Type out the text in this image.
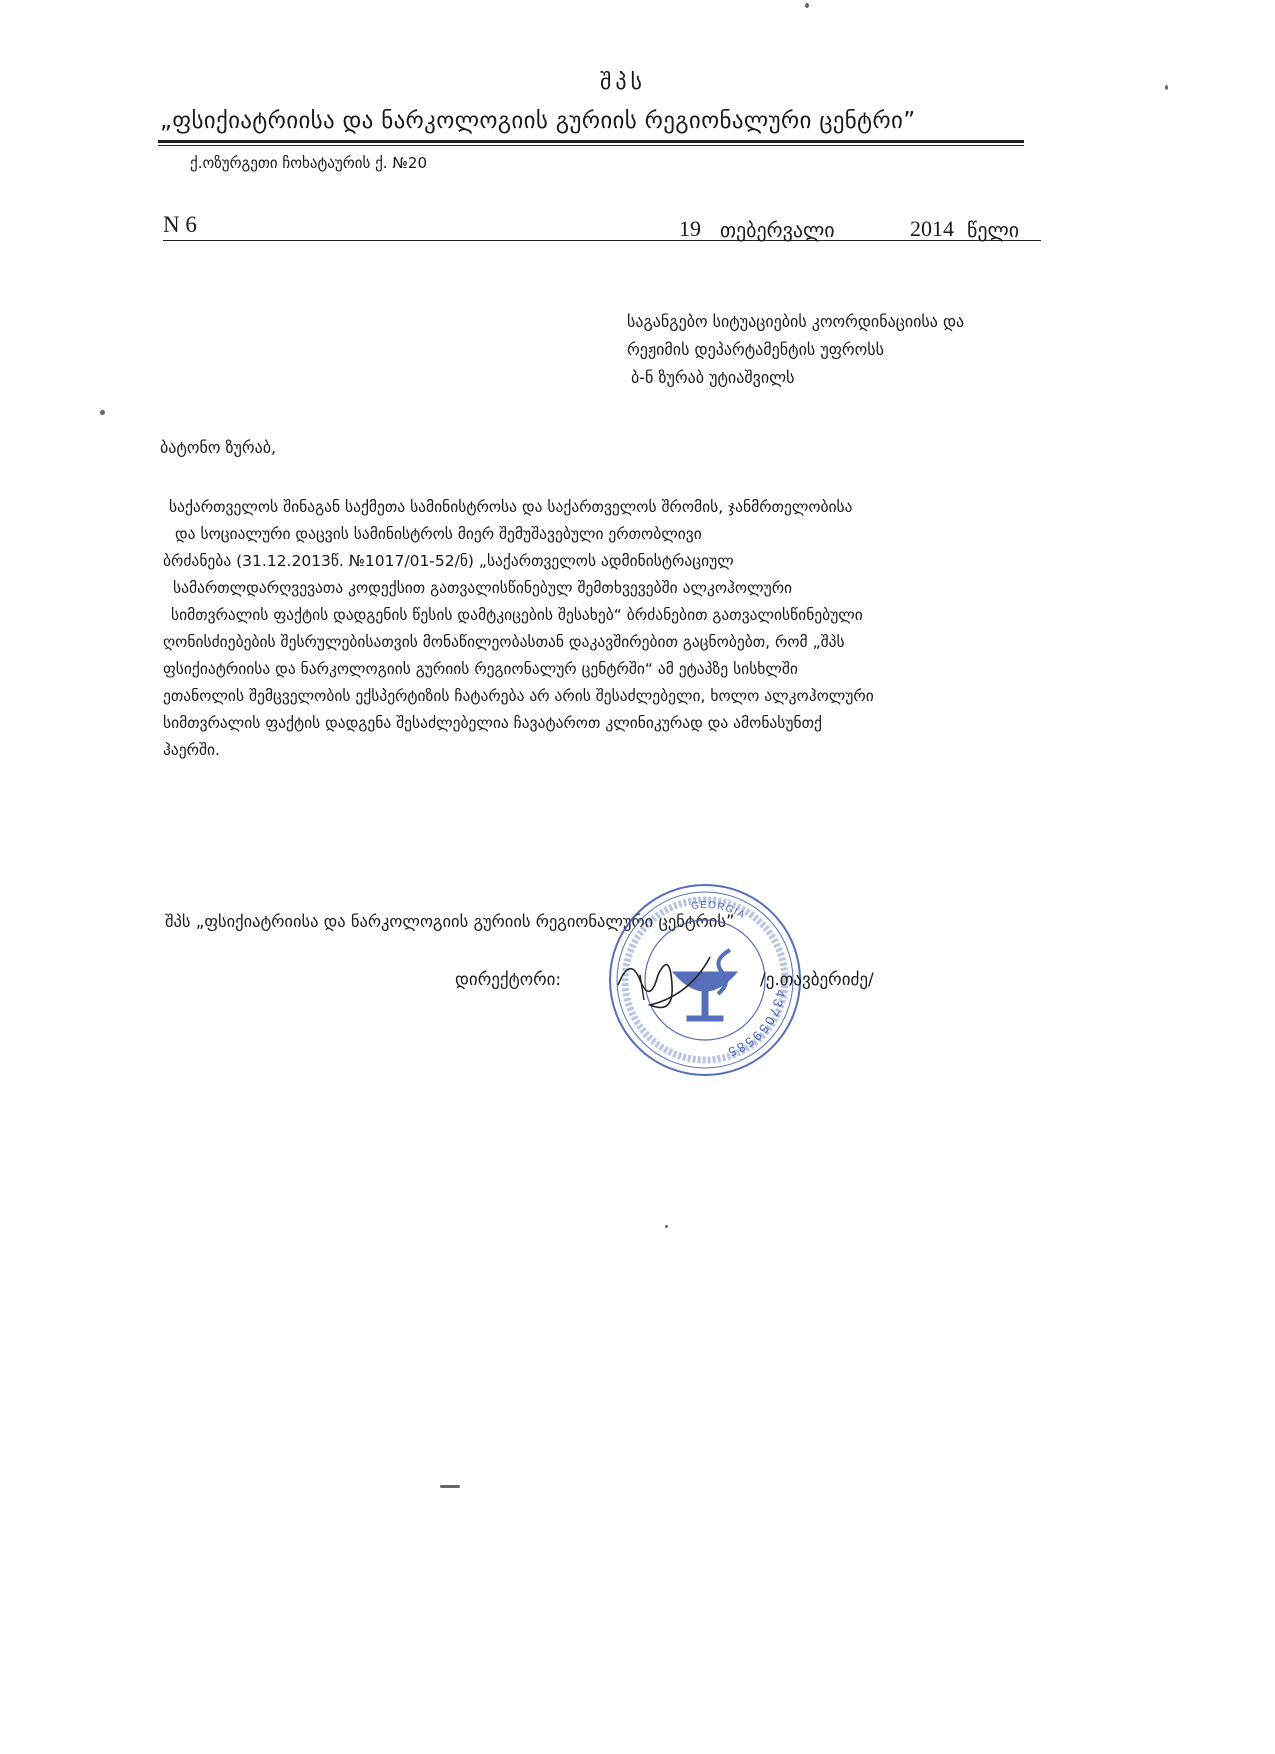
შპს
„ფსიქიატრიისა და ნარკოლოგიის გურიის რეგიონალური ცენტრი”
ქ.ოზურგეთი ჩოხატაურის ქ. №20
N 6	19 თებერვალი	2014 წელი
საგანგებო სიტუაციების კოორდინაციისა და
რეჟიმის დეპარტამენტის უფროსს
ბ-ნ ზურაბ უტიაშვილს
ბატონო ზურაბ,
საქართველოს შინაგან საქმეთა სამინისტროსა და საქართველოს შრომის, ჯანმრთელობისა
და სოციალური დაცვის სამინისტროს მიერ შემუშავებული ერთობლივი
ბრძანება (31.12.2013წ. №1017/01-52/ნ) „საქართველოს ადმინისტრაციულ
სამართლდარღვევათა კოდექსით გათვალისწინებულ შემთხვევებში ალკოჰოლური
სიმთვრალის ფაქტის დადგენის წესის დამტკიცების შესახებ“ ბრძანებით გათვალისწინებული
ღონისძიებების შესრულებისათვის მონაწილეობასთან დაკავშირებით გაცნობებთ, რომ „შპს
ფსიქიატრიისა და ნარკოლოგიის გურიის რეგიონალურ ცენტრში“ ამ ეტაპზე სისხლში
ეთანოლის შემცველობის ექსპერტიზის ჩატარება არ არის შესაძლებელი, ხოლო ალკოჰოლური
სიმთვრალის ფაქტის დადგენა შესაძლებელია ჩავატაროთ კლინიკურად და ამონასუნთქ
ჰაერში.
შპს „ფსიქიატრიისა და ნარკოლოგიის გურიის რეგიონალური ცენტრის”
437059585
GEORGIA
დირექტორი:	/ე.თავბერიძე/
